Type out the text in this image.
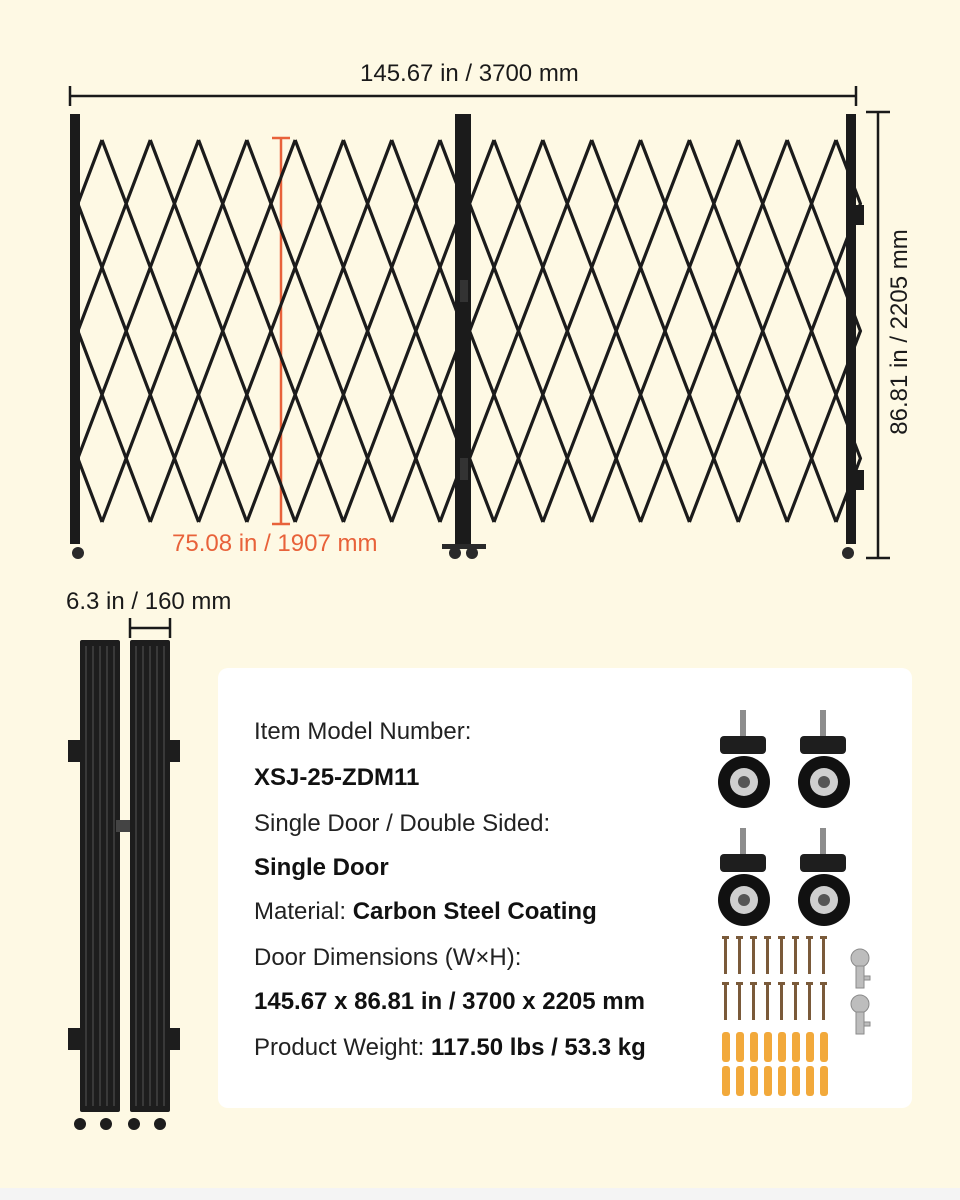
145.67 in / 3700 mm
86.81 in / 2205 mm
75.08 in / 1907 mm
6.3 in / 160 mm
Item Model Number:
XSJ-25-ZDM11
Single Door / Double Sided:
Single Door
Material: Carbon Steel Coating
Door Dimensions (W×H):
145.67 x 86.81 in / 3700 x 2205 mm
Product Weight: 117.50 lbs / 53.3 kg
